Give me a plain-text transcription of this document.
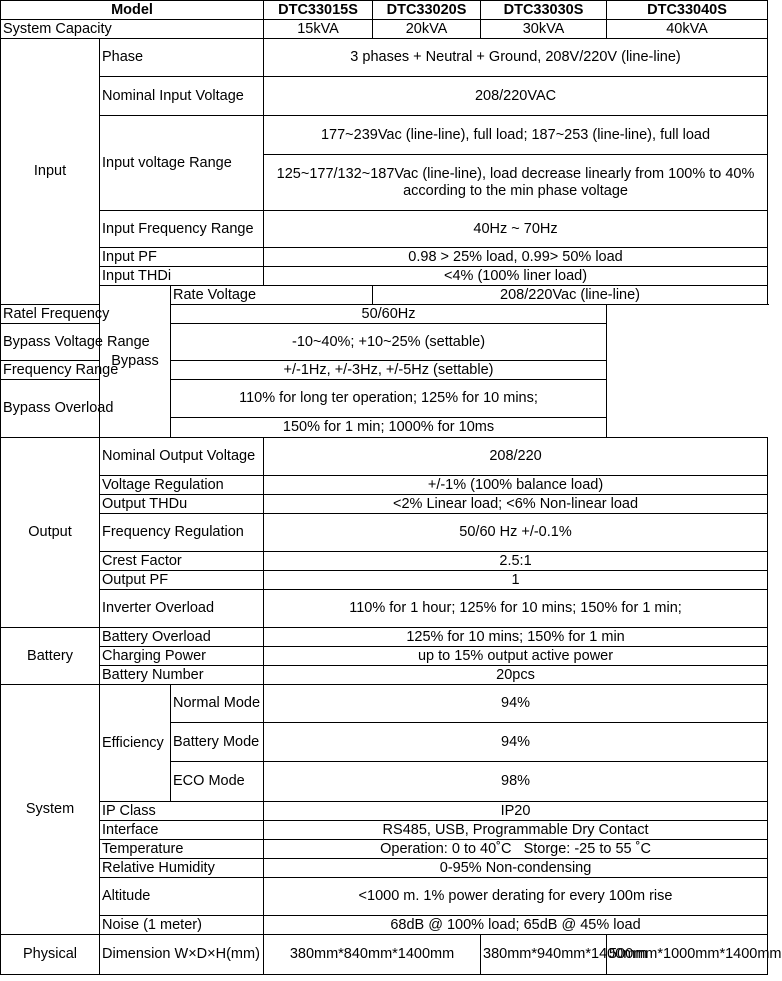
Model			DTC33015S	DTC33020S	DTC33030S	DTC33040S
System Capacity			15kVA	20kVA	30kVA	40kVA
Input	Phase		3 phases + Neutral + Ground, 208V/220V (line-line)			
	Nominal Input Voltage		208/220VAC			
	Input voltage Range		177~239Vac (line-line), full load; 187~253 (line-line), full load			
			125~177/132~187Vac (line-line), load decrease linearly from 100% to 40% according to the min phase voltage			
	Input Frequency Range		40Hz ~ 70Hz			
	Input PF		0.98 > 25% load, 0.99> 50% load			
	Input THDi		<4% (100% liner load)			
	Bypass	Rate Voltage		208/220Vac (line-line)		
Ratel Frequency		50/60Hz				
Bypass Voltage Range		-10~40%; +10~25% (settable)				
Frequency Range		+/-1Hz, +/-3Hz, +/-5Hz (settable)				
Bypass Overload		110% for long ter operation; 125% for 10 mins;				
		150% for 1 min; 1000% for 10ms				
Output	Nominal Output Voltage		208/220			
	Voltage Regulation		+/-1% (100% balance load)			
	Output THDu		<2% Linear load; <6% Non-linear load			
	Frequency Regulation		50/60 Hz +/-0.1%			
	Crest Factor		2.5:1			
	Output PF		1			
	Inverter Overload		110% for 1 hour; 125% for 10 mins; 150% for 1 min;			
Battery	Battery Overload		125% for 10 mins; 150% for 1 min			
	Charging Power		up to 15% output active power			
	Battery Number		20pcs			
System	Efficiency	Normal Mode	94%			
		Battery Mode	94%			
		ECO Mode	98%			
	IP Class		IP20			
	Interface		RS485, USB, Programmable Dry Contact			
	Temperature		Operation: 0 to 40˚C   Storge: -25 to 55 ˚C			
	Relative Humidity		0-95% Non-condensing			
	Altitude		<1000 m. 1% power derating for every 100m rise			
	Noise (1 meter)		68dB @ 100% load; 65dB @ 45% load			

Physical	Dimension W×D×H(mm)		380mm*840mm*1400mm		380mm*940mm*1400mm	500mm*1000mm*1400mm
